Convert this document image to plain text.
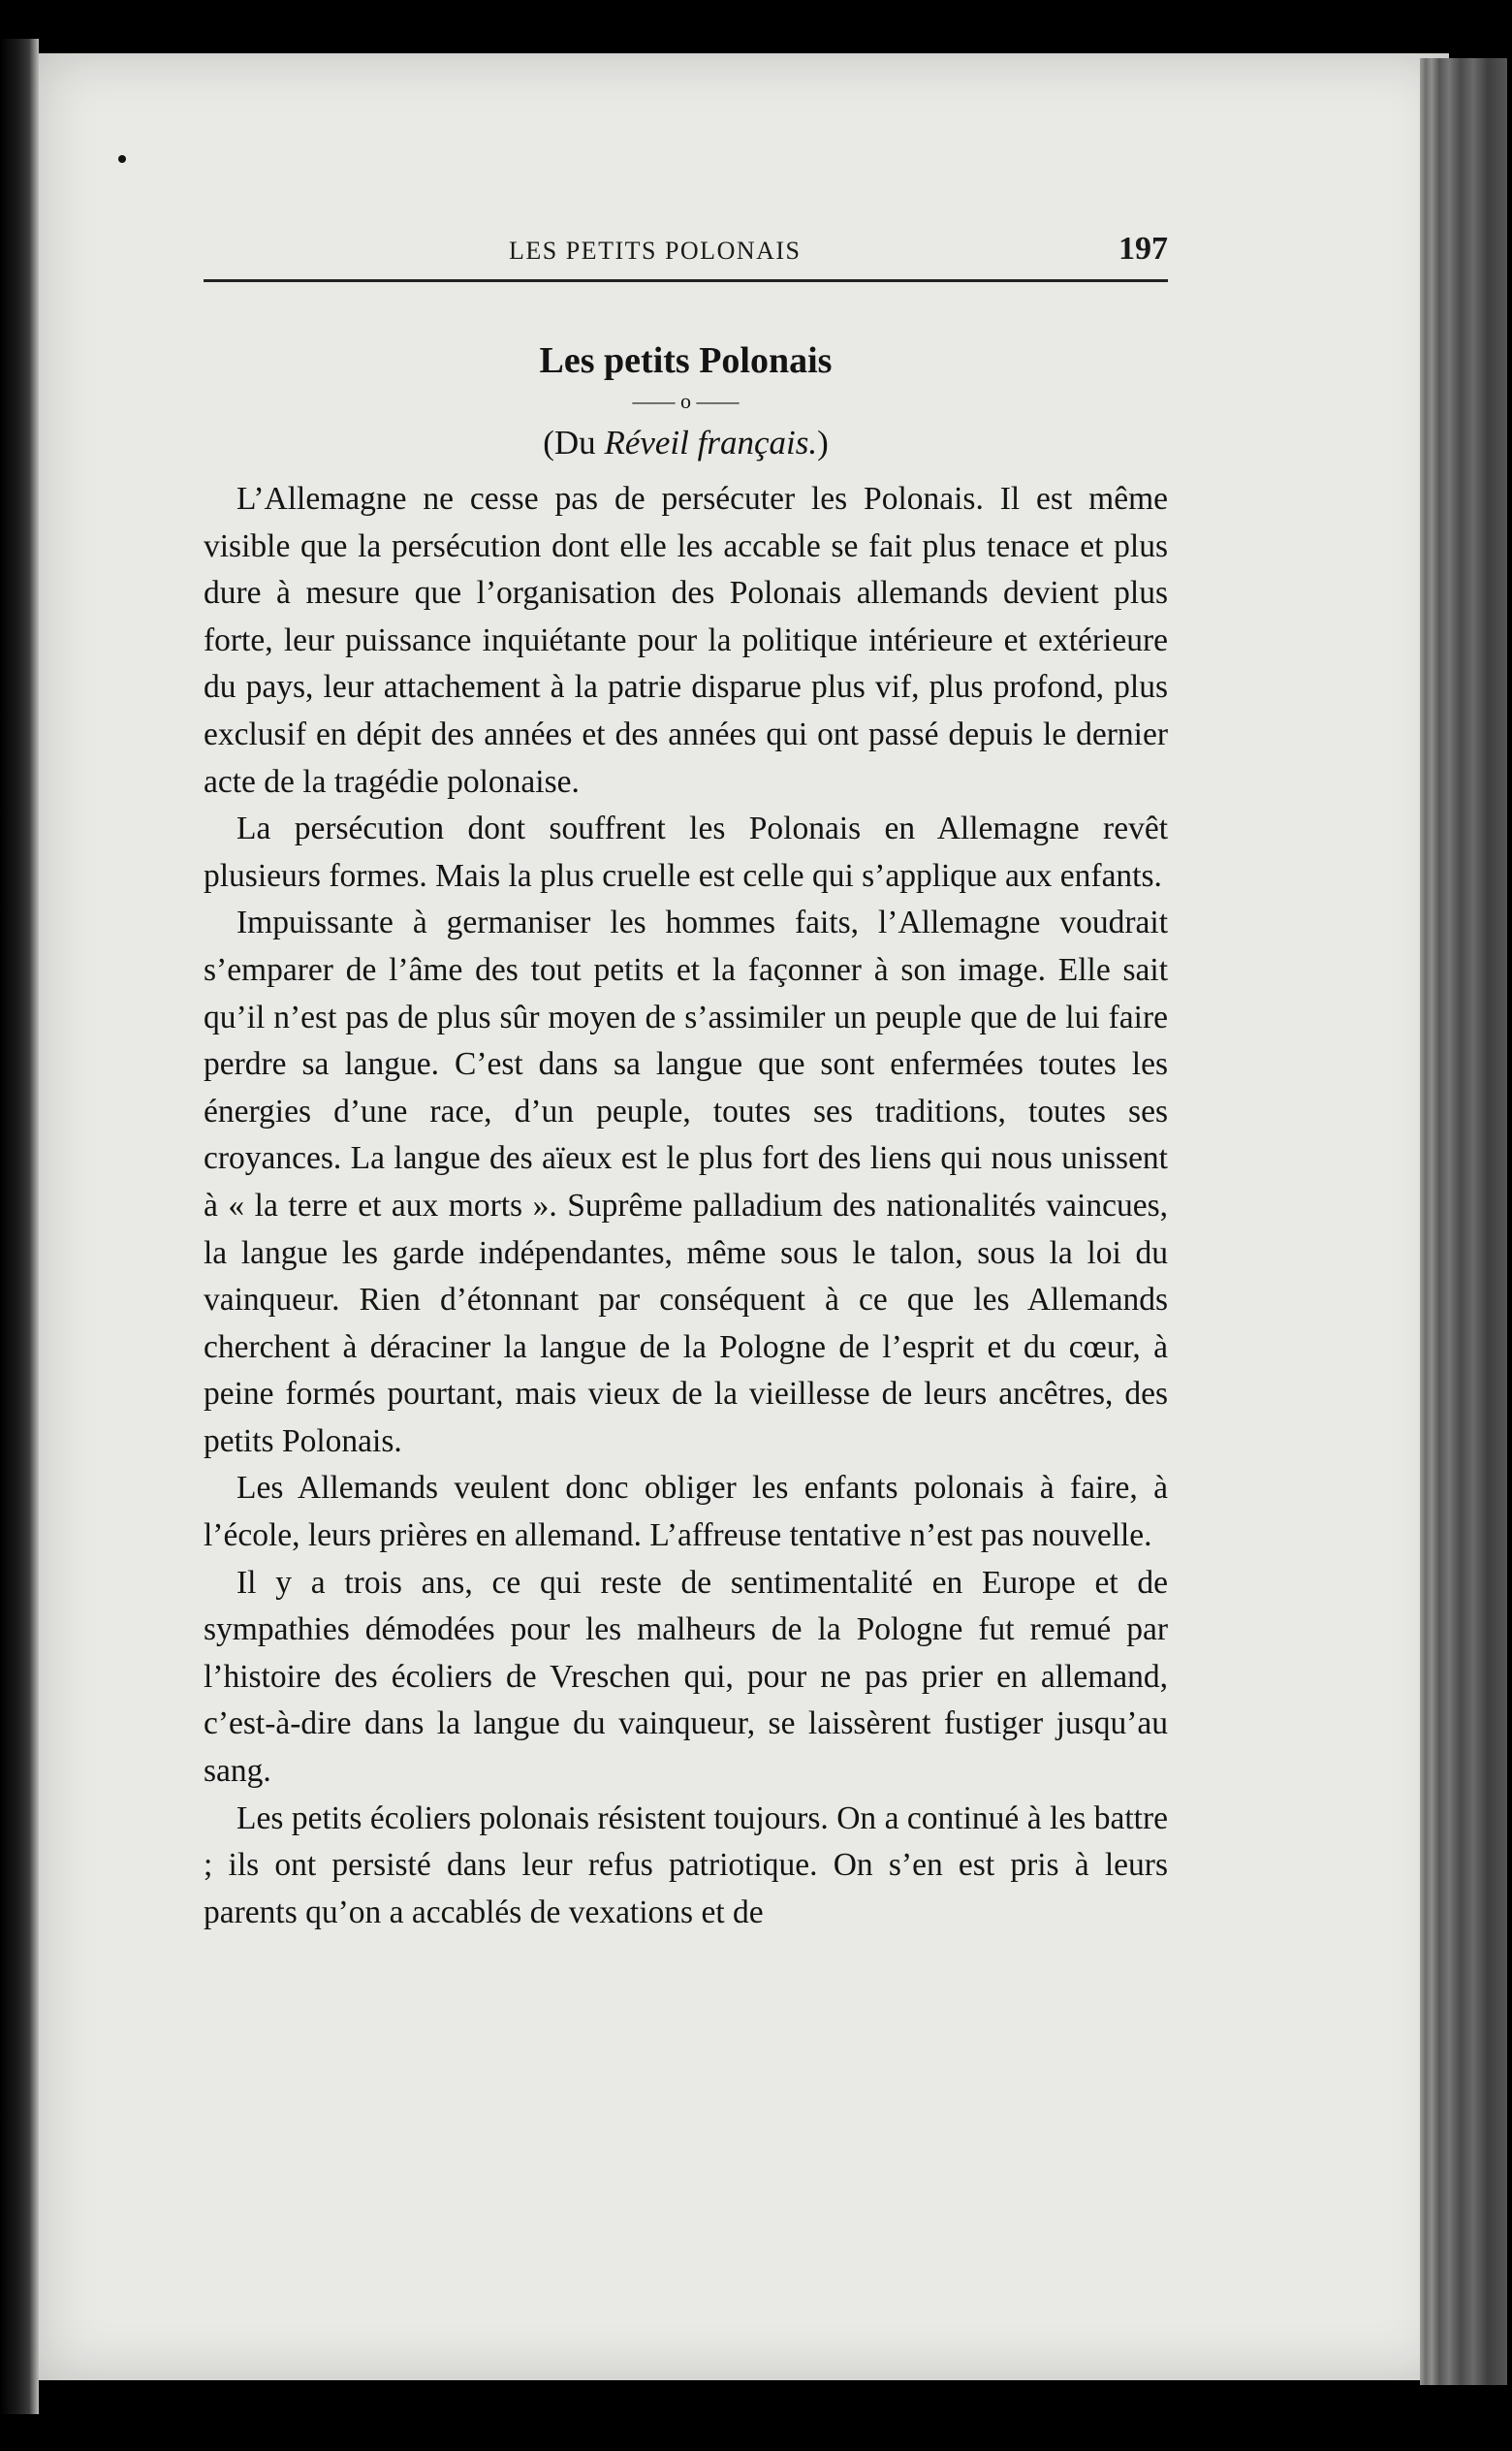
LES PETITS POLONAIS	197
Les petits Polonais

—— o ——

(Du Réveil français.)

L’Allemagne ne cesse pas de persécuter les Polonais. Il est même visible que la persécution dont elle les accable se fait plus tenace et plus dure à mesure que l’organisation des Polonais allemands devient plus forte, leur puissance inquiétante pour la politique intérieure et extérieure du pays, leur attachement à la patrie disparue plus vif, plus profond, plus exclusif en dépit des années et des années qui ont passé depuis le dernier acte de la tragédie polonaise.

La persécution dont souffrent les Polonais en Allemagne revêt plusieurs formes. Mais la plus cruelle est celle qui s’applique aux enfants.

Impuissante à germaniser les hommes faits, l’Allemagne voudrait s’emparer de l’âme des tout petits et la façonner à son image. Elle sait qu’il n’est pas de plus sûr moyen de s’assimiler un peuple que de lui faire perdre sa langue. C’est dans sa langue que sont enfermées toutes les énergies d’une race, d’un peuple, toutes ses traditions, toutes ses croyances. La langue des aïeux est le plus fort des liens qui nous unissent à « la terre et aux morts ». Suprême palladium des nationalités vaincues, la langue les garde indépendantes, même sous le talon, sous la loi du vainqueur. Rien d’étonnant par conséquent à ce que les Allemands cherchent à déraciner la langue de la Pologne de l’esprit et du cœur, à peine formés pourtant, mais vieux de la vieillesse de leurs ancêtres, des petits Polonais.

Les Allemands veulent donc obliger les enfants polonais à faire, à l’école, leurs prières en allemand. L’affreuse tentative n’est pas nouvelle.

Il y a trois ans, ce qui reste de sentimentalité en Europe et de sympathies démodées pour les malheurs de la Pologne fut remué par l’histoire des écoliers de Vreschen qui, pour ne pas prier en allemand, c’est-à-dire dans la langue du vainqueur, se laissèrent fustiger jusqu’au sang.

Les petits écoliers polonais résistent toujours. On a continué à les battre ; ils ont persisté dans leur refus patriotique. On s’en est pris à leurs parents qu’on a accablés de vexations et de
